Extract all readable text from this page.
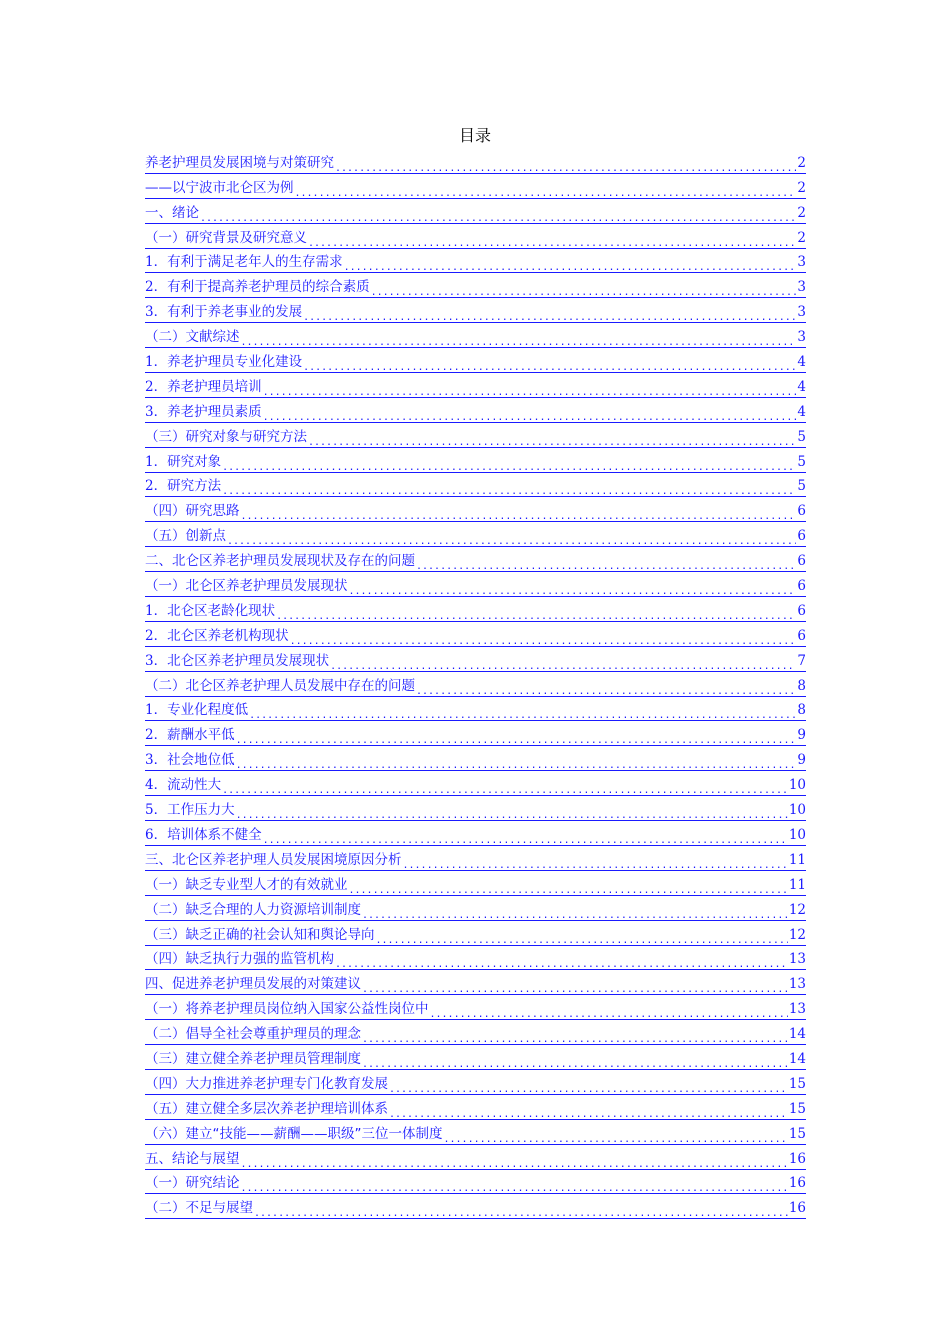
目录
养老护理员发展困境与对策研究 .....	2
——以宁波市北仑区为例 .....	2
一、绪论 .....	2
（一）研究背景及研究意义 .....	2
1．有利于满足老年人的生存需求 .....	3
2．有利于提高养老护理员的综合素质 .....	3
3．有利于养老事业的发展 .....	3
（二）文献综述 .....	3
1．养老护理员专业化建设 .....	4
2．养老护理员培训 .....	4
3．养老护理员素质 .....	4
（三）研究对象与研究方法 .....	5
1．研究对象 .....	5
2．研究方法 .....	5
（四）研究思路 .....	6
（五）创新点 .....	6
二、北仑区养老护理员发展现状及存在的问题 .....	6
（一）北仑区养老护理员发展现状 .....	6
1．北仑区老龄化现状 .....	6
2．北仑区养老机构现状 .....	6
3．北仑区养老护理员发展现状 .....	7
（二）北仑区养老护理人员发展中存在的问题 .....	8
1．专业化程度低 .....	8
2．薪酬水平低 .....	9
3．社会地位低 .....	9
4．流动性大 .....	10
5．工作压力大 .....	10
6．培训体系不健全 .....	10
三、北仑区养老护理人员发展困境原因分析 .....	11
（一）缺乏专业型人才的有效就业 .....	11
（二）缺乏合理的人力资源培训制度 .....	12
（三）缺乏正确的社会认知和舆论导向 .....	12
（四）缺乏执行力强的监管机构 .....	13
四、促进养老护理员发展的对策建议 .....	13
（一）将养老护理员岗位纳入国家公益性岗位中 .....	13
（二）倡导全社会尊重护理员的理念 .....	14
（三）建立健全养老护理员管理制度 .....	14
（四）大力推进养老护理专门化教育发展 .....	15
（五）建立健全多层次养老护理培训体系 .....	15
（六）建立“技能——薪酬——职级”三位一体制度 .....	15
五、结论与展望 .....	16
（一）研究结论 .....	16
（二）不足与展望 .....	16
